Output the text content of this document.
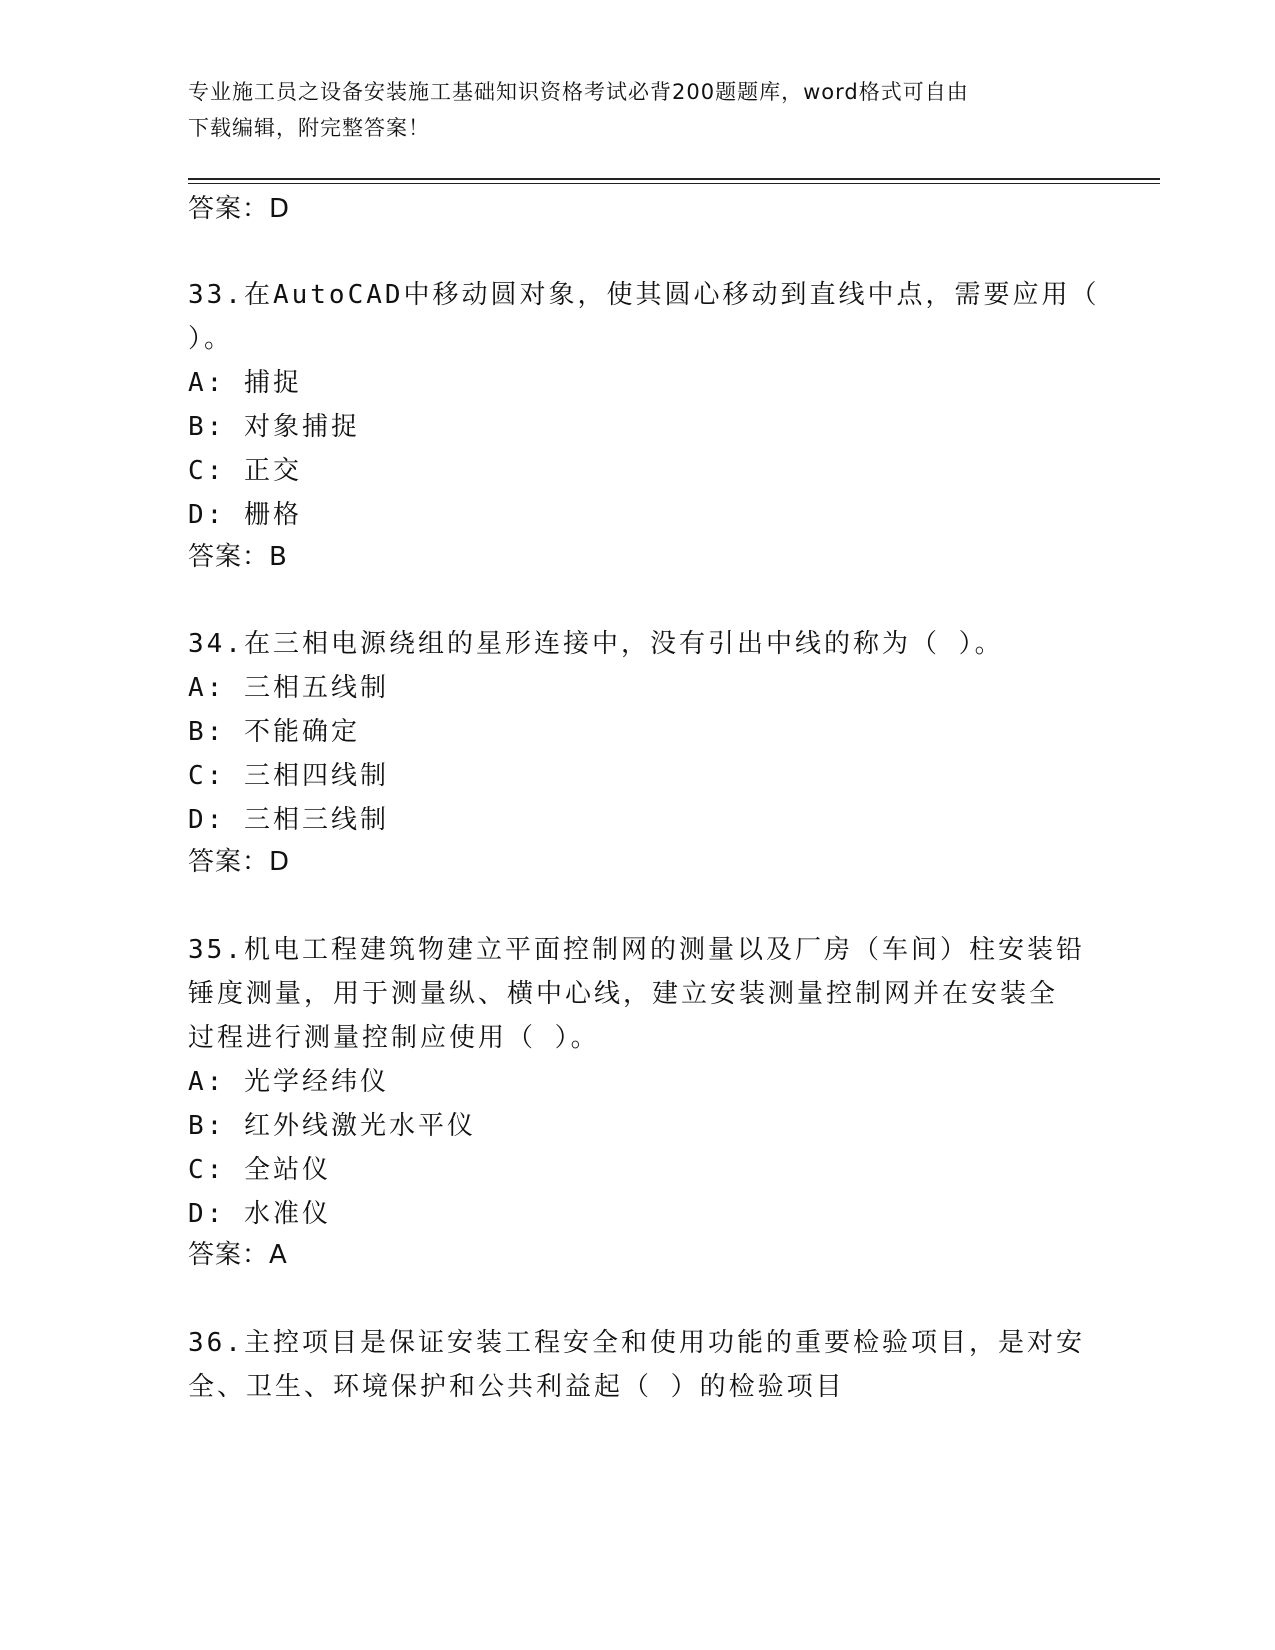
专业施工员之设备安装施工基础知识资格考试必背200题题库，word格式可自由
下载编辑，附完整答案！
答案：D
33.在AutoCAD中移动圆对象，使其圆心移动到直线中点，需要应用（
）。
A: 捕捉
B: 对象捕捉
C: 正交
D: 栅格
答案：B
34.在三相电源绕组的星形连接中，没有引出中线的称为（ ）。
A: 三相五线制
B: 不能确定
C: 三相四线制
D: 三相三线制
答案：D
35.机电工程建筑物建立平面控制网的测量以及厂房（车间）柱安装铅
锤度测量，用于测量纵、横中心线，建立安装测量控制网并在安装全
过程进行测量控制应使用（ ）。
A: 光学经纬仪
B: 红外线激光水平仪
C: 全站仪
D: 水准仪
答案：A
36.主控项目是保证安装工程安全和使用功能的重要检验项目，是对安
全、卫生、环境保护和公共利益起（ ）的检验项目
